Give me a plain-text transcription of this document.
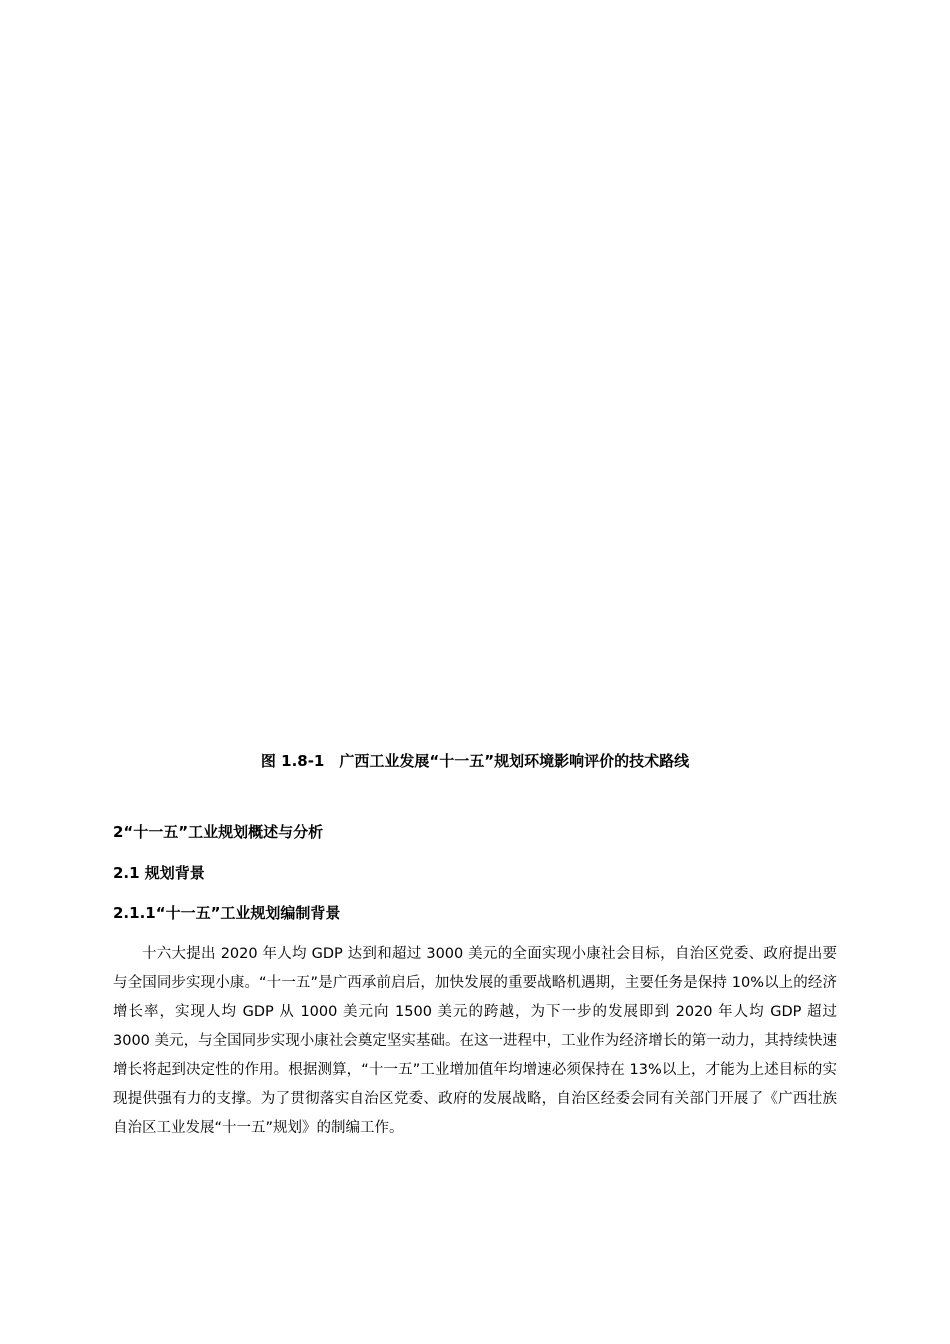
图 1.8-1　广西工业发展“十一五”规划环境影响评价的技术路线
2“十一五”工业规划概述与分析
2.1 规划背景
2.1.1“十一五”工业规划编制背景

十六大提出 2020 年人均 GDP 达到和超过 3000 美元的全面实现小康社会目标，自治区党委、政府提出要与全国同步实现小康。“十一五”是广西承前启后，加快发展的重要战略机遇期，主要任务是保持 10%以上的经济增长率，实现人均 GDP 从 1000 美元向 1500 美元的跨越，为下一步的发展即到 2020 年人均 GDP 超过 3000 美元，与全国同步实现小康社会奠定坚实基础。在这一进程中，工业作为经济增长的第一动力，其持续快速增长将起到决定性的作用。根据测算，“十一五”工业增加值年均增速必须保持在 13%以上，才能为上述目标的实现提供强有力的支撑。为了贯彻落实自治区党委、政府的发展战略，自治区经委会同有关部门开展了《广西壮族自治区工业发展“十一五”规划》的制编工作。
